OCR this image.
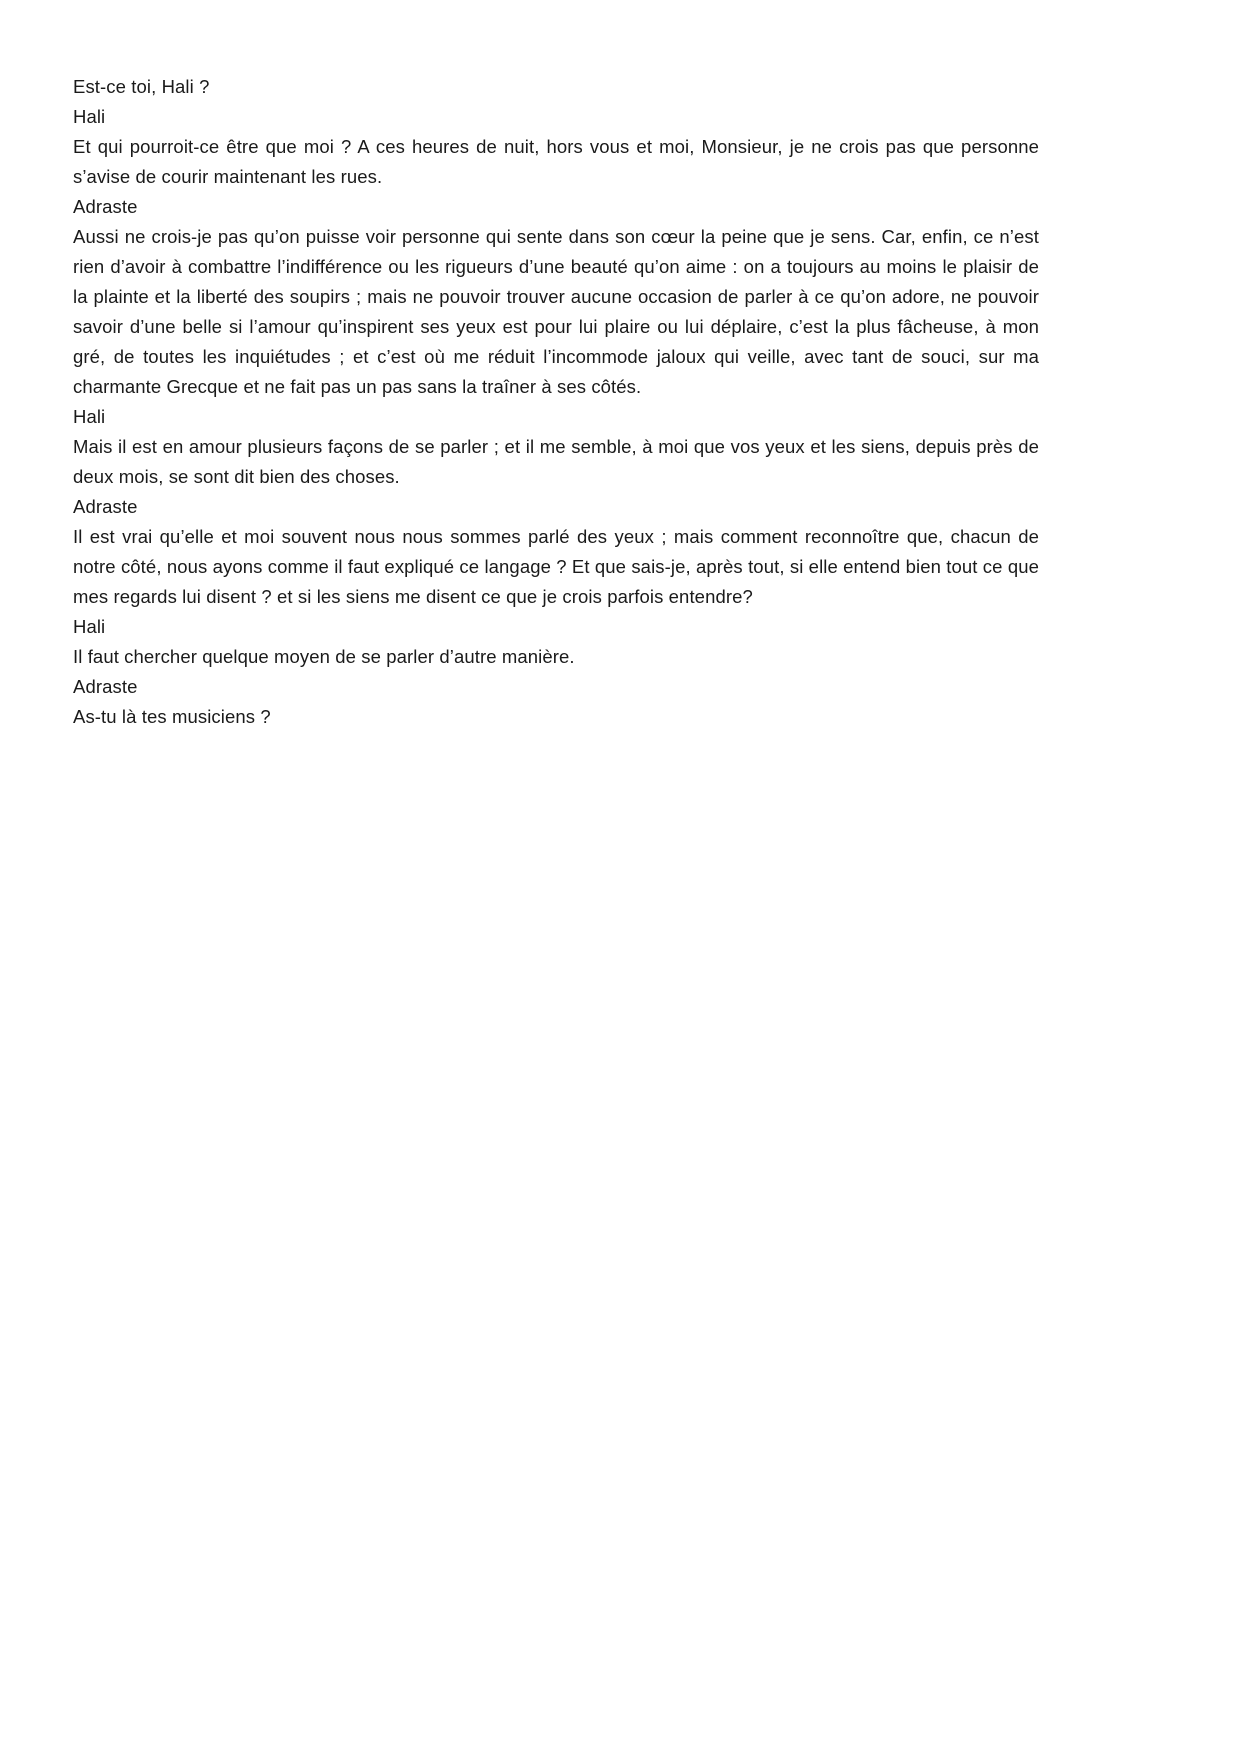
Est-ce toi, Hali ?

Hali

Et qui pourroit-ce être que moi ? A ces heures de nuit, hors vous et moi, Monsieur, je ne crois pas que personne s’avise de courir maintenant les rues.

Adraste

Aussi ne crois-je pas qu’on puisse voir personne qui sente dans son cœur la peine que je sens. Car, enfin, ce n’est rien d’avoir à combattre l’indifférence ou les rigueurs d’une beauté qu’on aime : on a toujours au moins le plaisir de la plainte et la liberté des soupirs ; mais ne pouvoir trouver aucune occasion de parler à ce qu’on adore, ne pouvoir savoir d’une belle si l’amour qu’inspirent ses yeux est pour lui plaire ou lui déplaire, c’est la plus fâcheuse, à mon gré, de toutes les inquiétudes ; et c’est où me réduit l’incommode jaloux qui veille, avec tant de souci, sur ma charmante Grecque et ne fait pas un pas sans la traîner à ses côtés.

Hali

Mais il est en amour plusieurs façons de se parler ; et il me semble, à moi que vos yeux et les siens, depuis près de deux mois, se sont dit bien des choses.

Adraste

Il est vrai qu’elle et moi souvent nous nous sommes parlé des yeux ; mais comment reconnoître que, chacun de notre côté, nous ayons comme il faut expliqué ce langage ? Et que sais-je, après tout, si elle entend bien tout ce que mes regards lui disent ? et si les siens me disent ce que je crois parfois entendre?

Hali

Il faut chercher quelque moyen de se parler d’autre manière.

Adraste

As-tu là tes musiciens ?
